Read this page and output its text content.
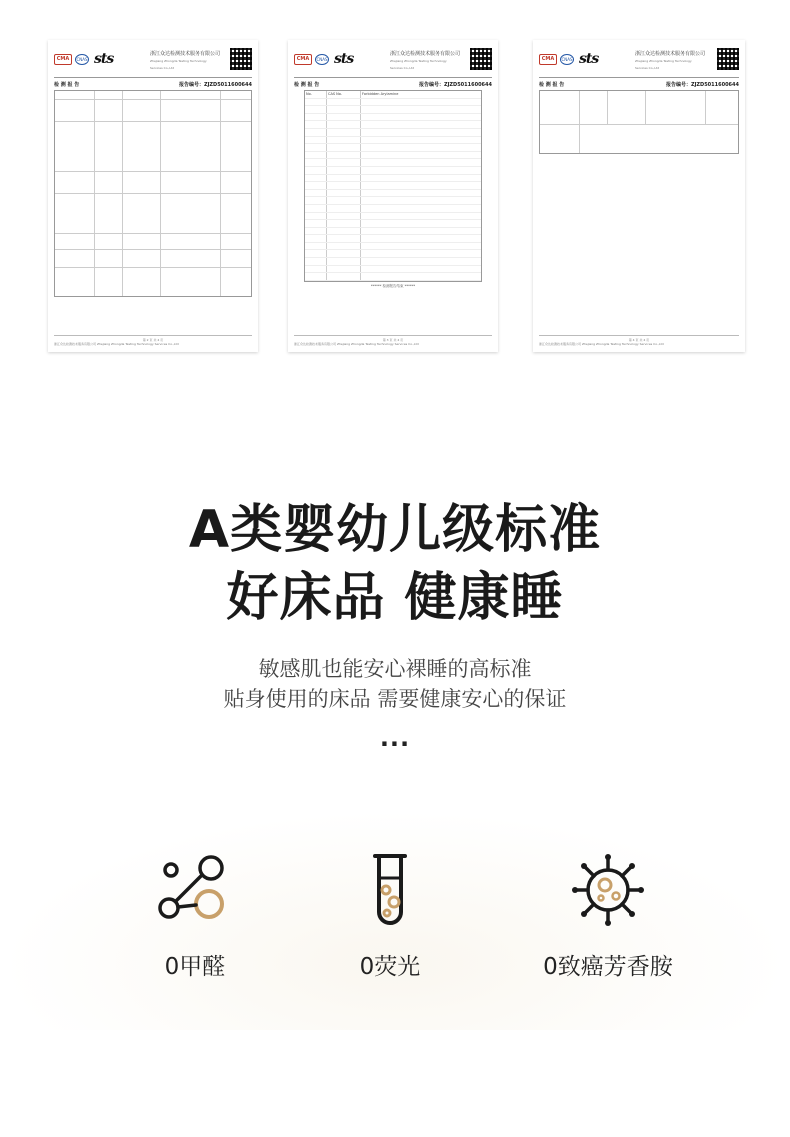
CMA	CNAS sts	浙江众达检测技术服务有限公司
Zhejiang Zhongda Testing Technology Services Co.,Ltd
检 测 报 告	报告编号：ZJZD5011600644
第 2 页 共 4 页
浙江众达检测技术服务有限公司 Zhejiang Zhongda Testing Technology Services Co.,Ltd
CMA	CNAS sts	浙江众达检测技术服务有限公司
Zhejiang Zhongda Testing Technology Services Co.,Ltd
检 测 报 告	报告编号：ZJZD5011600644
No.	CAS No.	Forbidden Arylamine
****** 检测报告结束 ******
第 3 页 共 4 页
浙江众达检测技术服务有限公司 Zhejiang Zhongda Testing Technology Services Co.,Ltd
CMA	CNAS sts	浙江众达检测技术服务有限公司
Zhejiang Zhongda Testing Technology Services Co.,Ltd
检 测 报 告	报告编号：ZJZD5011600644
第 4 页 共 4 页
浙江众达检测技术服务有限公司 Zhejiang Zhongda Testing Technology Services Co.,Ltd
A类婴幼儿级标准
好床品 健康睡
敏感肌也能安心裸睡的高标准
贴身使用的床品 需要健康安心的保证
...
0甲醛	0荧光	0致癌芳香胺
